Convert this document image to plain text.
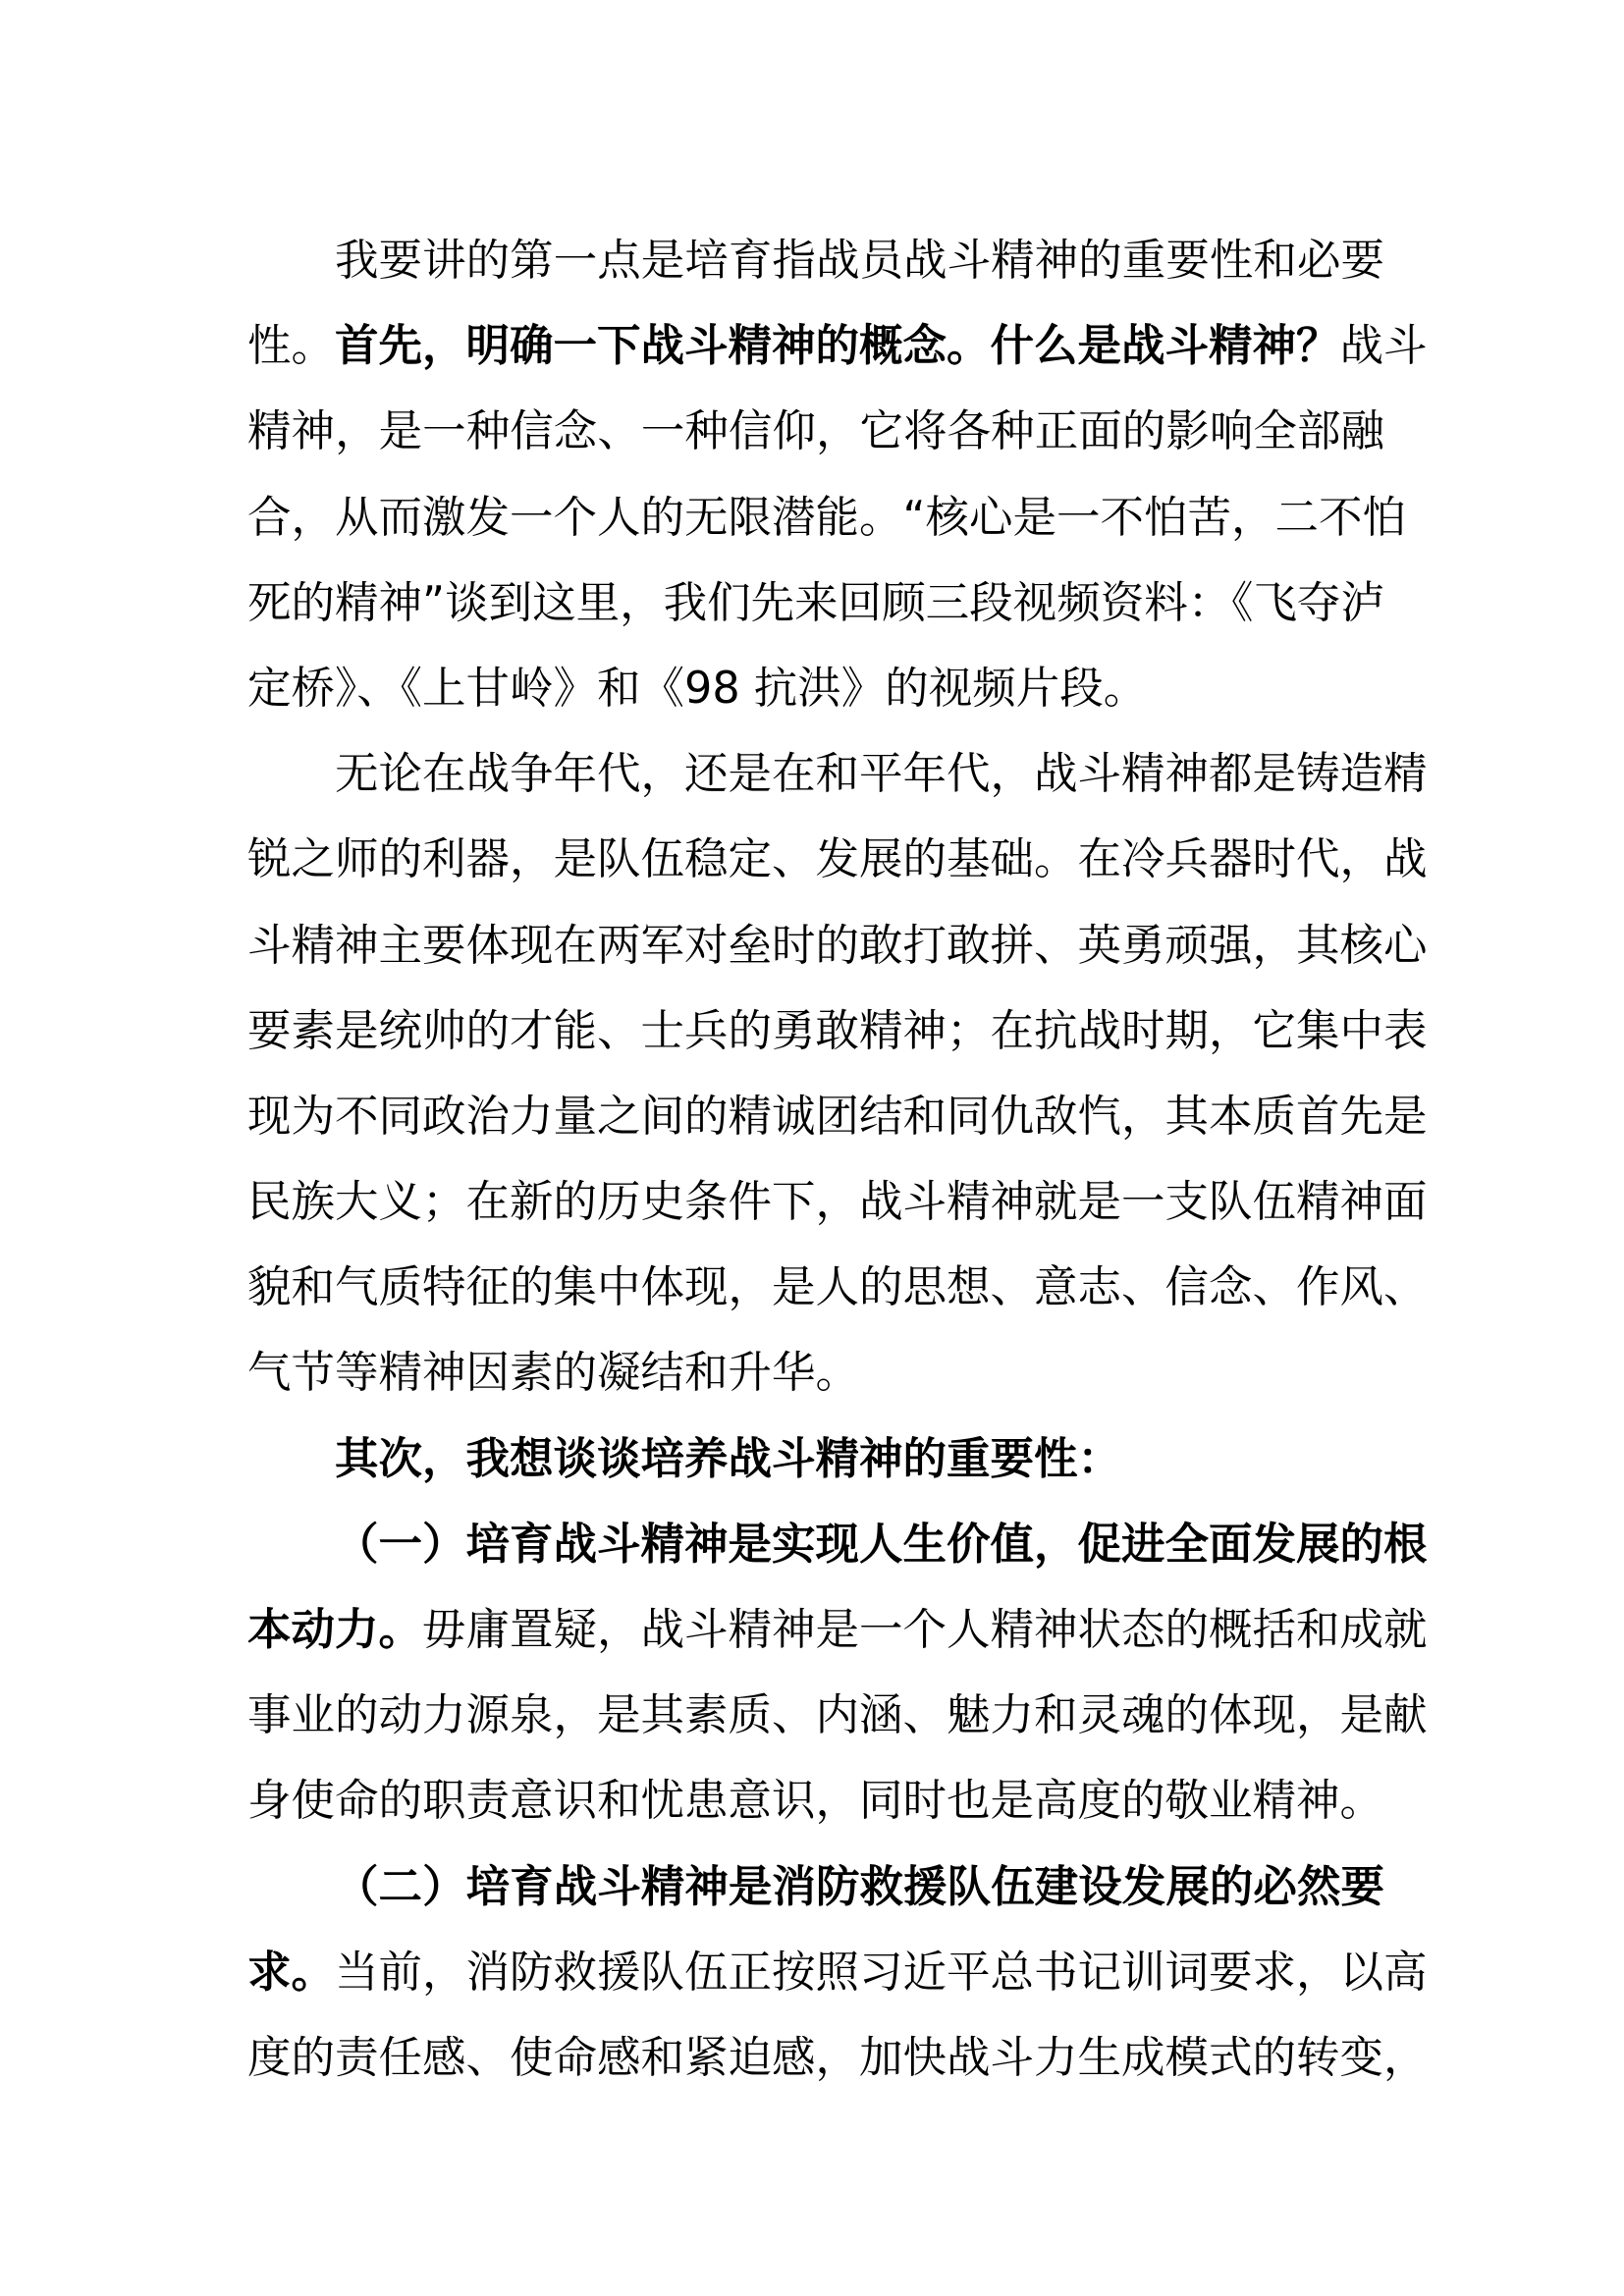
我要讲的第一点是培育指战员战斗精神的重要性和必要
性。首先，明确一下战斗精神的概念。什么是战斗精神？战斗
精神，是一种信念、一种信仰，它将各种正面的影响全部融
合，从而激发一个人的无限潜能。“核心是一不怕苦，二不怕
死的精神”谈到这里，我们先来回顾三段视频资料：《飞夺泸
定桥》、《上甘岭》和《98 抗洪》的视频片段。
无论在战争年代，还是在和平年代，战斗精神都是铸造精
锐之师的利器，是队伍稳定、发展的基础。在冷兵器时代，战
斗精神主要体现在两军对垒时的敢打敢拼、英勇顽强，其核心
要素是统帅的才能、士兵的勇敢精神；在抗战时期，它集中表
现为不同政治力量之间的精诚团结和同仇敌忾，其本质首先是
民族大义；在新的历史条件下，战斗精神就是一支队伍精神面
貌和气质特征的集中体现，是人的思想、意志、信念、作风、
气节等精神因素的凝结和升华。
其次，我想谈谈培养战斗精神的重要性：
（一）培育战斗精神是实现人生价值，促进全面发展的根
本动力。毋庸置疑，战斗精神是一个人精神状态的概括和成就
事业的动力源泉，是其素质、内涵、魅力和灵魂的体现，是献
身使命的职责意识和忧患意识，同时也是高度的敬业精神。
（二）培育战斗精神是消防救援队伍建设发展的必然要
求。当前，消防救援队伍正按照习近平总书记训词要求，以高
度的责任感、使命感和紧迫感，加快战斗力生成模式的转变，
